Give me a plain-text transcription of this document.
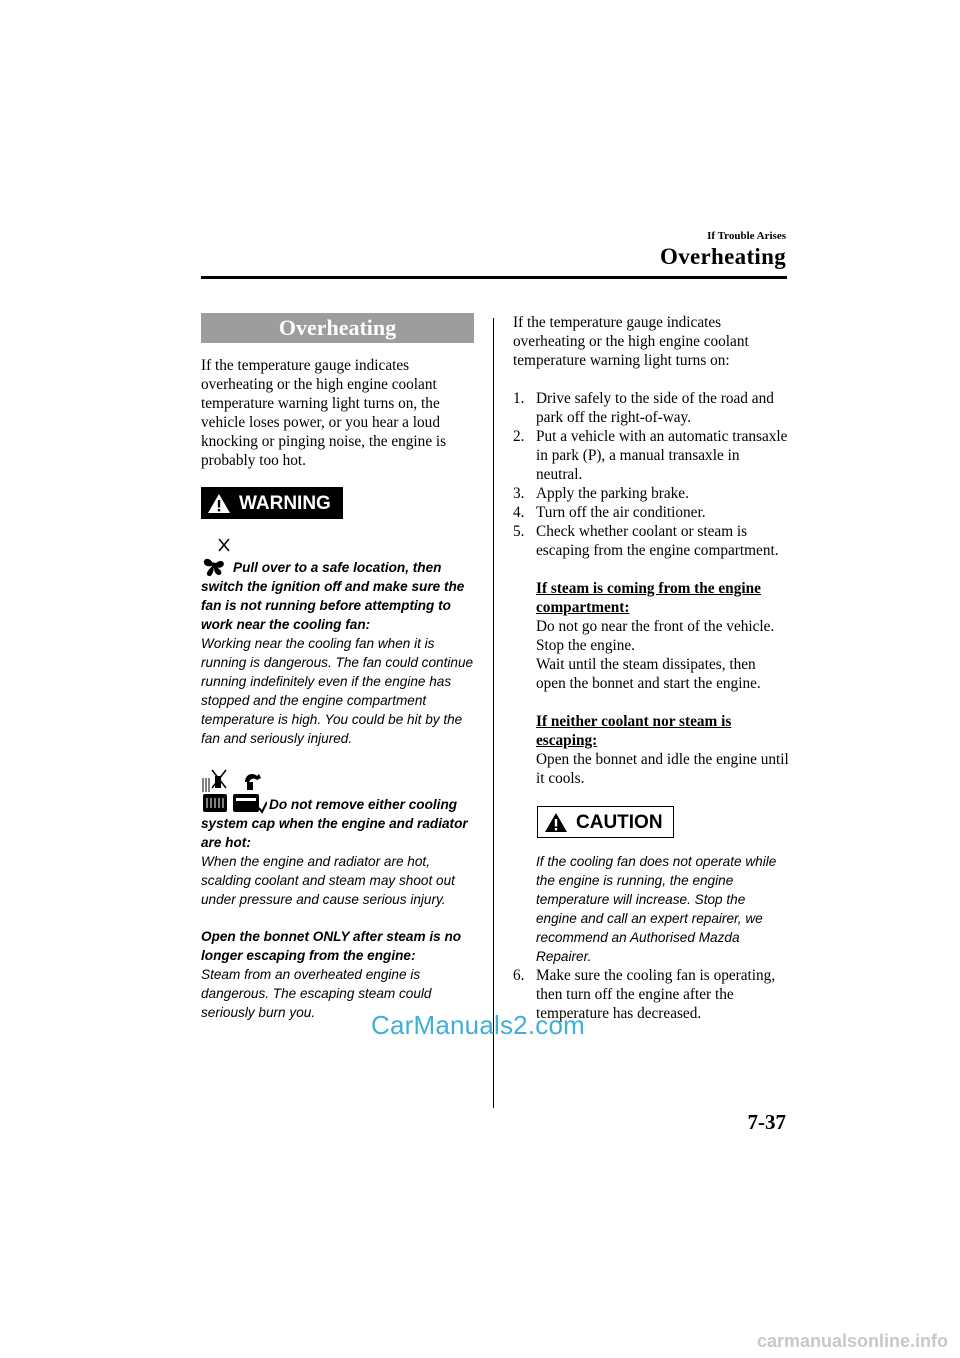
If Trouble Arises
Overheating
Overheating

If the temperature gauge indicates overheating or the high engine coolant temperature warning light turns on, the vehicle loses power, or you hear a loud knocking or pinging noise, the engine is probably too hot.

WARNING
Pull over to a safe location, then switch the ignition off and make sure the fan is not running before attempting to work near the cooling fan:
Working near the cooling fan when it is running is dangerous. The fan could continue running indefinitely even if the engine has stopped and the engine compartment temperature is high. You could be hit by the fan and seriously injured.
Do not remove either cooling system cap when the engine and radiator are hot:
When the engine and radiator are hot, scalding coolant and steam may shoot out under pressure and cause serious injury.
Open the bonnet ONLY after steam is no longer escaping from the engine:
Steam from an overheated engine is dangerous. The escaping steam could seriously burn you.

If the temperature gauge indicates overheating or the high engine coolant temperature warning light turns on:

1. Drive safely to the side of the road and park off the right-of-way.
2. Put a vehicle with an automatic transaxle in park (P), a manual transaxle in neutral.
3. Apply the parking brake.
4. Turn off the air conditioner.
5. Check whether coolant or steam is escaping from the engine compartment.
If steam is coming from the engine compartment:
Do not go near the front of the vehicle.
Stop the engine.
Wait until the steam dissipates, then open the bonnet and start the engine.
If neither coolant nor steam is escaping:
Open the bonnet and idle the engine until it cools.
CAUTION
If the cooling fan does not operate while the engine is running, the engine temperature will increase. Stop the engine and call an expert repairer, we recommend an Authorised Mazda Repairer.
6. Make sure the cooling fan is operating, then turn off the engine after the temperature has decreased.
7-37
CarManuals2.com
carmanualsonline.info
